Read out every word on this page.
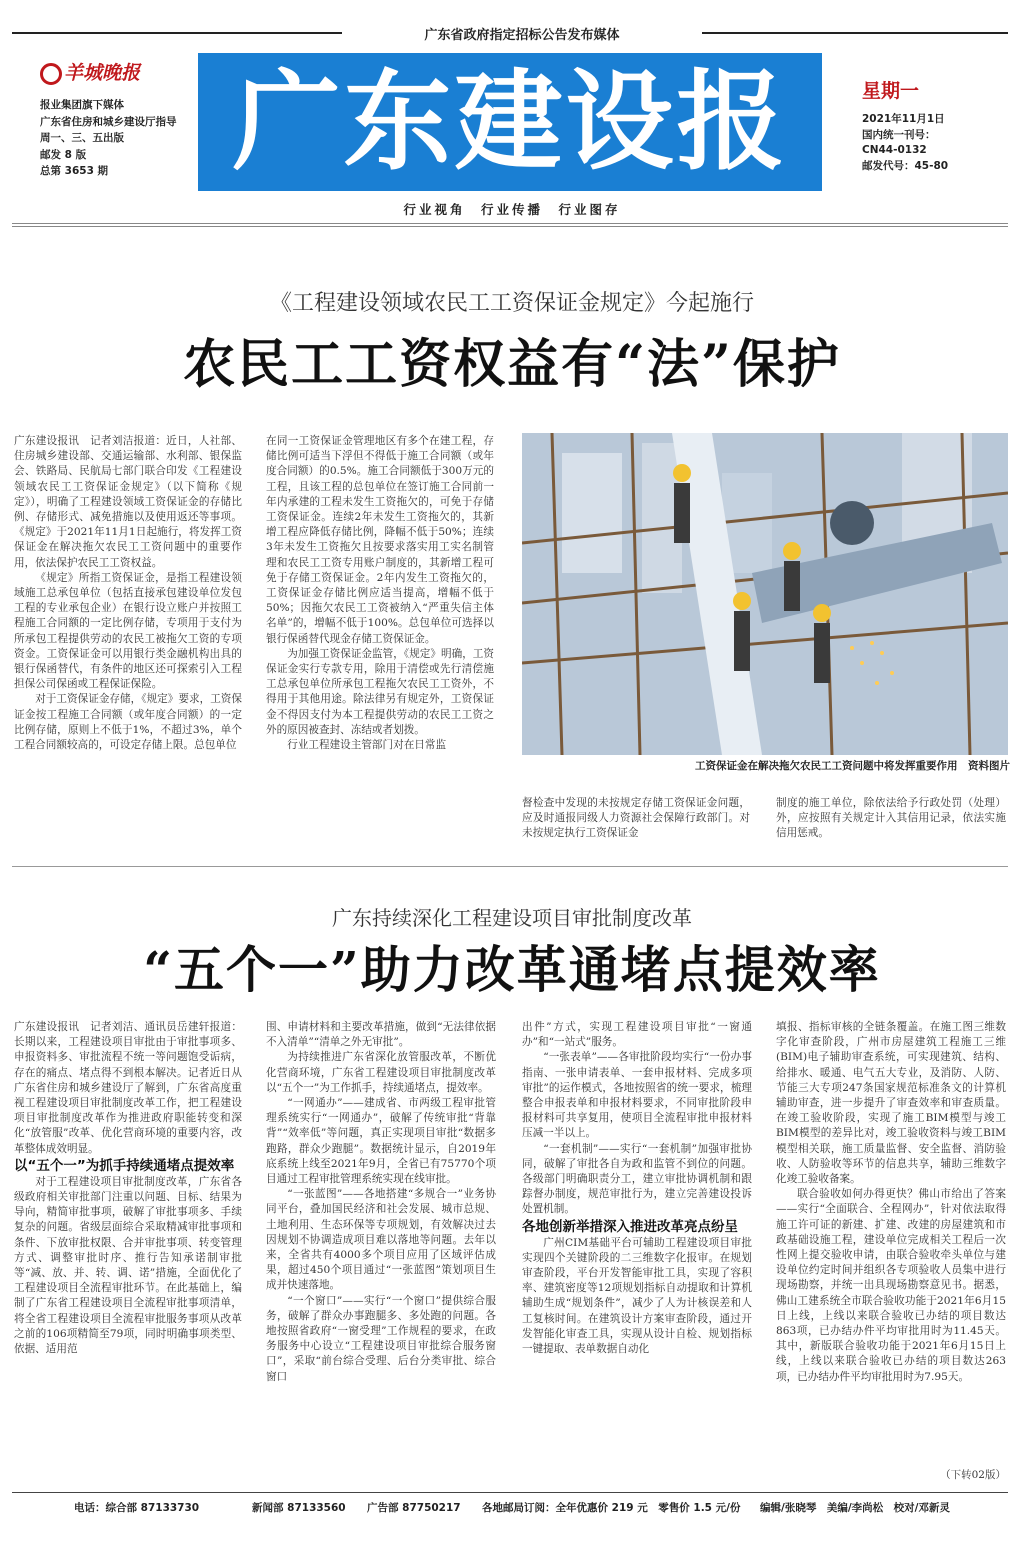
广东省政府指定招标公告发布媒体
羊城晚报
报业集团旗下媒体
广东省住房和城乡建设厅指导
周一、三、五出版
邮发 8 版
总第 3653 期	广东建设报	星期一
2021年11月1日
国内统一刊号：
CN44-0132
邮发代号：45-80
行业视角　行业传播　行业图存
《工程建设领域农民工工资保证金规定》今起施行
农民工工资权益有“法”保护

广东建设报讯　记者刘洁报道：近日，人社部、住房城乡建设部、交通运输部、水利部、银保监会、铁路局、民航局七部门联合印发《工程建设领域农民工工资保证金规定》（以下简称《规定》），明确了工程建设领域工资保证金的存储比例、存储形式、减免措施以及使用返还等事项。《规定》于2021年11月1日起施行，将发挥工资保证金在解决拖欠农民工工资问题中的重要作用，依法保护农民工工资权益。

《规定》所指工资保证金，是指工程建设领域施工总承包单位（包括直接承包建设单位发包工程的专业承包企业）在银行设立账户并按照工程施工合同额的一定比例存储，专项用于支付为所承包工程提供劳动的农民工被拖欠工资的专项资金。工资保证金可以用银行类金融机构出具的银行保函替代，有条件的地区还可探索引入工程担保公司保函或工程保证保险。

对于工资保证金存储，《规定》要求，工资保证金按工程施工合同额（或年度合同额）的一定比例存储，原则上不低于1%，不超过3%，单个工程合同额较高的，可设定存储上限。总包单位

在同一工资保证金管理地区有多个在建工程，存储比例可适当下浮但不得低于施工合同额（或年度合同额）的0.5%。施工合同额低于300万元的工程，且该工程的总包单位在签订施工合同前一年内承建的工程未发生工资拖欠的，可免于存储工资保证金。连续2年未发生工资拖欠的，其新增工程应降低存储比例，降幅不低于50%；连续3年未发生工资拖欠且按要求落实用工实名制管理和农民工工资专用账户制度的，其新增工程可免于存储工资保证金。2年内发生工资拖欠的，工资保证金存储比例应适当提高，增幅不低于50%；因拖欠农民工工资被纳入“严重失信主体名单”的，增幅不低于100%。总包单位可选择以银行保函替代现金存储工资保证金。

为加强工资保证金监管，《规定》明确，工资保证金实行专款专用，除用于清偿或先行清偿施工总承包单位所承包工程拖欠农民工工资外，不得用于其他用途。除法律另有规定外，工资保证金不得因支付为本工程提供劳动的农民工工资之外的原因被查封、冻结或者划拨。

行业工程建设主管部门对在日常监

工资保证金在解决拖欠农民工工资问题中将发挥重要作用　资料图片

督检查中发现的未按规定存储工资保证金问题，应及时通报同级人力资源社会保障行政部门。对未按规定执行工资保证金

制度的施工单位，除依法给予行政处罚（处理）外，应按照有关规定计入其信用记录，依法实施信用惩戒。

广东持续深化工程建设项目审批制度改革
“五个一”助力改革通堵点提效率

广东建设报讯　记者刘洁、通讯员岳建轩报道：长期以来，工程建设项目审批由于审批事项多、申报资料多、审批流程不统一等问题饱受诟病，存在的痛点、堵点得不到根本解决。记者近日从广东省住房和城乡建设厅了解到，广东省高度重视工程建设项目审批制度改革工作，把工程建设项目审批制度改革作为推进政府职能转变和深化“放管服”改革、优化营商环境的重要内容，改革整体成效明显。

以“五个一”为抓手持续通堵点提效率

对于工程建设项目审批制度改革，广东省各级政府相关审批部门注重以问题、目标、结果为导向，精简审批事项，破解了审批事项多、手续复杂的问题。省级层面综合采取精减审批事项和条件、下放审批权限、合并审批事项、转变管理方式、调整审批时序、推行告知承诺制审批等“减、放、并、转、调、诺”措施，全面优化了工程建设项目全流程审批环节。在此基础上，编制了广东省工程建设项目全流程审批事项清单，将全省工程建设项目全流程审批服务事项从改革之前的106项精简至79项，同时明确事项类型、依据、适用范

围、申请材料和主要改革措施，做到“无法律依据不入清单”“清单之外无审批”。

为持续推进广东省深化放管服改革，不断优化营商环境，广东省工程建设项目审批制度改革以“五个一”为工作抓手，持续通堵点，提效率。

“一网通办”——建成省、市两级工程审批管理系统实行“一网通办”，破解了传统审批“背靠背”“效率低”等问题，真正实现项目审批“数据多跑路，群众少跑腿”。数据统计显示，自2019年底系统上线至2021年9月，全省已有75770个项目通过工程审批管理系统实现在线审批。

“一张蓝图”——各地搭建“多规合一”业务协同平台，叠加国民经济和社会发展、城市总规、土地利用、生态环保等专项规划，有效解决过去因规划不协调造成项目难以落地等问题。去年以来，全省共有4000多个项目应用了区域评估成果，超过450个项目通过“一张蓝图”策划项目生成并快速落地。

“一个窗口”——实行“一个窗口”提供综合服务，破解了群众办事跑腿多、多处跑的问题。各地按照省政府“一窗受理”工作规程的要求，在政务服务中心设立“工程建设项目审批综合服务窗口”，采取“前台综合受理、后台分类审批、综合窗口

出件”方式，实现工程建设项目审批“一窗通办”和“一站式”服务。

“一张表单”——各审批阶段均实行“一份办事指南、一张申请表单、一套申报材料、完成多项审批”的运作模式，各地按照省的统一要求，梳理整合申报表单和申报材料要求，不同审批阶段申报材料可共享复用，使项目全流程审批申报材料压减一半以上。

“一套机制”——实行“一套机制”加强审批协同，破解了审批各自为政和监管不到位的问题。各级部门明确职责分工，建立审批协调机制和跟踪督办制度，规范审批行为，建立完善建设投诉处置机制。

各地创新举措深入推进改革亮点纷呈

广州CIM基础平台可辅助工程建设项目审批实现四个关键阶段的二三维数字化报审。在规划审查阶段，平台开发智能审批工具，实现了容积率、建筑密度等12项规划指标自动提取和计算机辅助生成“规划条件”，减少了人为计核误差和人工复核时间。在建筑设计方案审查阶段，通过开发智能化审查工具，实现从设计自检、规划指标一键提取、表单数据自动化

填报、指标审核的全链条覆盖。在施工图三维数字化审查阶段，广州市房屋建筑工程施工三维(BIM)电子辅助审查系统，可实现建筑、结构、给排水、暖通、电气五大专业，及消防、人防、节能三大专项247条国家规范标准条文的计算机辅助审查，进一步提升了审查效率和审查质量。在竣工验收阶段，实现了施工BIM模型与竣工BIM模型的差异比对，竣工验收资料与竣工BIM模型相关联，施工质量监督、安全监督、消防验收、人防验收等环节的信息共享，辅助三维数字化竣工验收备案。

联合验收如何办得更快？佛山市给出了答案——实行“全面联合、全程网办”，针对依法取得施工许可证的新建、扩建、改建的房屋建筑和市政基础设施工程，建设单位完成相关工程后一次性网上提交验收申请，由联合验收牵头单位与建设单位约定时间并组织各专项验收人员集中进行现场勘察，并统一出具现场勘察意见书。据悉，佛山工建系统全市联合验收功能于2021年6月15日上线，上线以来联合验收已办结的项目数达863项，已办结办件平均审批用时为11.45天。其中，新版联合验收功能于2021年6月15日上线，上线以来联合验收已办结的项目数达263项，已办结办件平均审批用时为7.95天。

（下转02版）
电话：综合部 87133730	新闻部 87133560 广告部 87750217 各地邮局订阅：全年优惠价 219 元　零售价 1.5 元/份 编辑/张晓琴　美编/李尚松　校对/邓新灵
